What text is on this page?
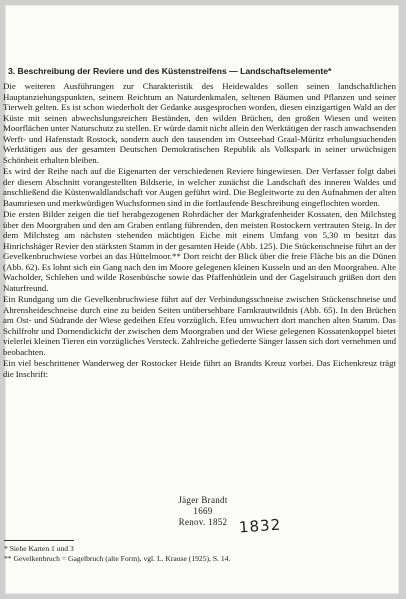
3. Beschreibung der Reviere und des Küstenstreifens — Landschaftselemente*

Die weiteren Ausführungen zur Charakteristik des Heidewaldes sollen seinen landschaftlichen Hauptanziehungspunkten, seinem Reichtum an Naturdenkmalen, seltenen Bäumen und Pflanzen und seiner Tierwelt gelten. Es ist schon wiederholt der Gedanke ausgesprochen worden, diesen einzigartigen Wald an der Küste mit seinen abwechslungsreichen Beständen, den wilden Brüchen, den großen Wiesen und weiten Moorflächen unter Naturschutz zu stellen. Er würde damit nicht allein den Werktätigen der rasch anwachsenden Werft- und Hafenstadt Rostock, sondern auch den tausenden im Ostseebad Graal-Müritz erholungsuchenden Werktätigen aus der gesamten Deutschen Demokratischen Republik als Volkspark in seiner urwüchsigen Schönheit erhalten bleiben.

Es wird der Reihe nach auf die Eigenarten der verschiedenen Reviere hingewiesen. Der Verfasser folgt dabei der diesem Abschnitt vorangestellten Bildserie, in welcher zunächst die Landschaft des inneren Waldes und anschließend die Küstenwaldlandschaft vor Augen geführt wird. Die Begleitworte zu den Aufnahmen der alten Baumriesen und merkwürdigen Wuchsformen sind in die fortlaufende Beschreibung eingeflochten worden.

Die ersten Bilder zeigen die tief herabgezogenen Rohrdächer der Markgrafenheider Kossaten, den Milchsteg über den Moorgraben und den am Graben entlang führenden, den meisten Rostockern vertrauten Steig. In der dem Milchsteg am nächsten stehenden mächtigen Eiche mit einem Umfang von 5,30 m besitzt das Hinrichshäger Revier den stärksten Stamm in der gesamten Heide (Abb. 125). Die Stückenschneise führt an der Gevelkenbruchwiese vorbei an das Hüttelmoor.** Dort reicht der Blick über die freie Fläche bis an die Dünen (Abb. 62). Es lohnt sich ein Gang nach den im Moore gelegenen kleinen Kusseln und an den Moorgraben. Alte Wacholder, Schlehen und wilde Rosenbüsche sowie das Pfaffenhütlein und der Gagelstrauch grüßen dort den Naturfreund.

Ein Rundgang um die Gevelkenbruchwiese führt auf der Verbindungsschneise zwischen Stückenschneise und Ahrensheideschneise durch eine zu beiden Seiten unübersehbare Farnkrautwildnis (Abb. 65). In den Brüchen am Ost- und Südrande der Wiese gedeihen Efeu vorzüglich. Efeu umwuchert dort manchen alten Stamm. Das Schilfrohr und Dornendickicht der zwischen dem Moorgraben und der Wiese gelegenen Kossatenkoppel bietet vielerlei kleinen Tieren ein vorzügliches Versteck. Zahlreiche gefiederte Sänger lassen sich dort vernehmen und beobachten.

Ein viel beschrittener Wanderweg der Rostocker Heide führt an Brandts Kreuz vorbei. Das Eichenkreuz trägt die Inschrift:

Jäger Brandt
1669
Renov. 1852 1832
* Siehe Karten 1 und 3
** Gevelkenbruch = Gagelbruch (alte Form), vgl. L. Krause (1925), S. 14.
